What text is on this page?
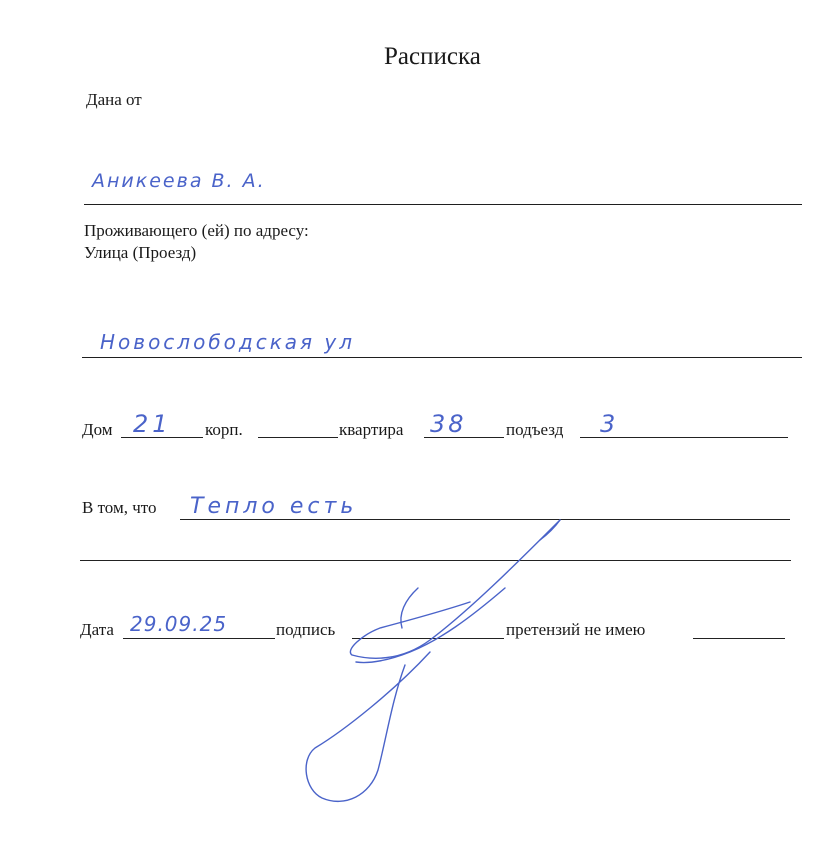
Расписка
Дана от
Аникеева В. А.
Проживающего (ей) по адресу:
Улица (Проезд)
Новослободская ул
Дом 21 корп.	квартира 38 подъезд 3
В том, что Тепло есть
Дата 29.09.25	подпись	претензий не имею
